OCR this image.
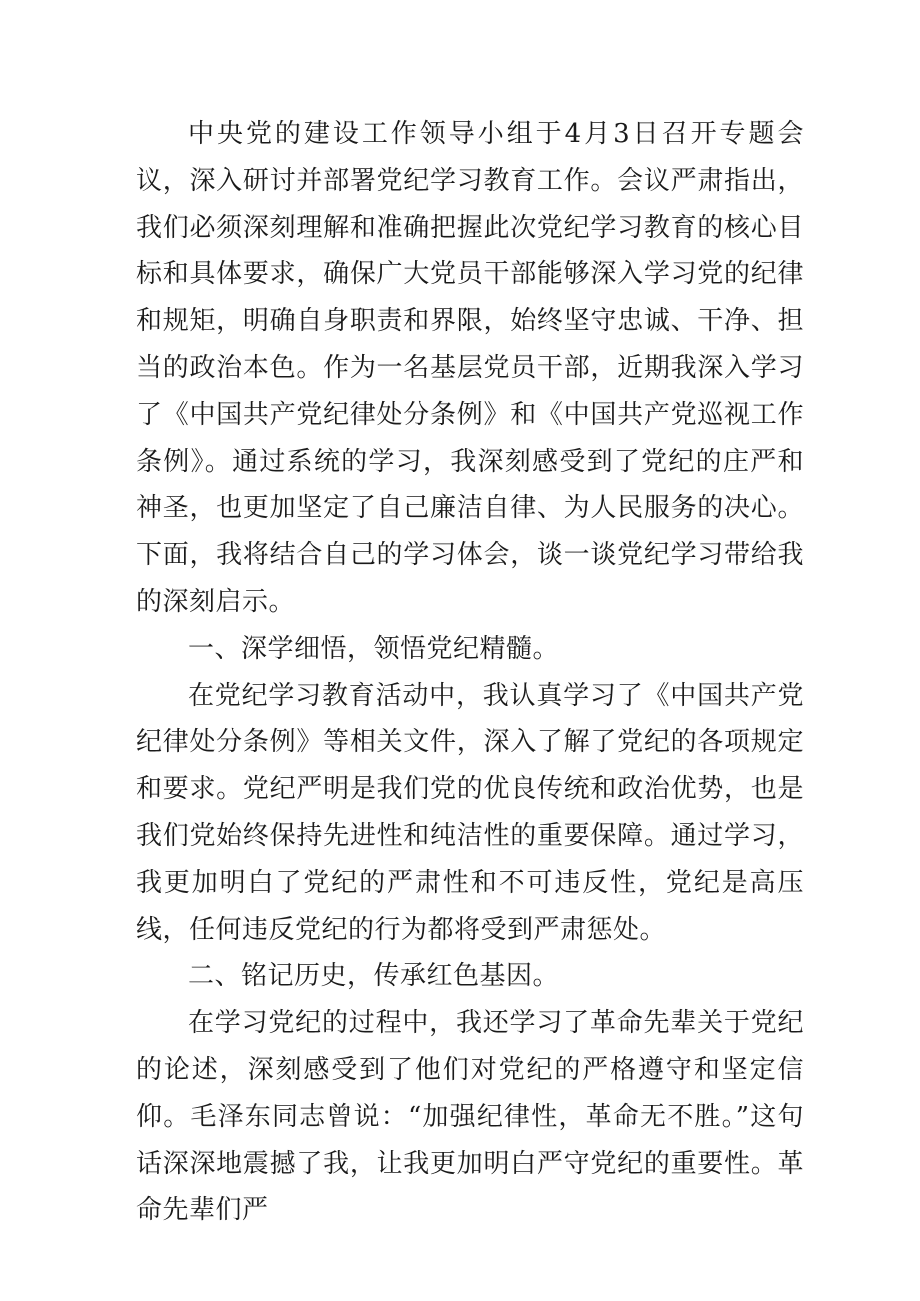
中央党的建设工作领导小组于4月3日召开专题会议，深入研讨并部署党纪学习教育工作。会议严肃指出，我们必须深刻理解和准确把握此次党纪学习教育的核心目标和具体要求，确保广大党员干部能够深入学习党的纪律和规矩，明确自身职责和界限，始终坚守忠诚、干净、担当的政治本色。作为一名基层党员干部，近期我深入学习了《中国共产党纪律处分条例》和《中国共产党巡视工作条例》。通过系统的学习，我深刻感受到了党纪的庄严和神圣，也更加坚定了自己廉洁自律、为人民服务的决心。下面，我将结合自己的学习体会，谈一谈党纪学习带给我的深刻启示。

一、深学细悟，领悟党纪精髓。

在党纪学习教育活动中，我认真学习了《中国共产党纪律处分条例》等相关文件，深入了解了党纪的各项规定和要求。党纪严明是我们党的优良传统和政治优势，也是我们党始终保持先进性和纯洁性的重要保障。通过学习，我更加明白了党纪的严肃性和不可违反性，党纪是高压线，任何违反党纪的行为都将受到严肃惩处。

二、铭记历史，传承红色基因。

在学习党纪的过程中，我还学习了革命先辈关于党纪的论述，深刻感受到了他们对党纪的严格遵守和坚定信仰。毛泽东同志曾说：“加强纪律性，革命无不胜。”这句话深深地震撼了我，让我更加明白严守党纪的重要性。革命先辈们严
